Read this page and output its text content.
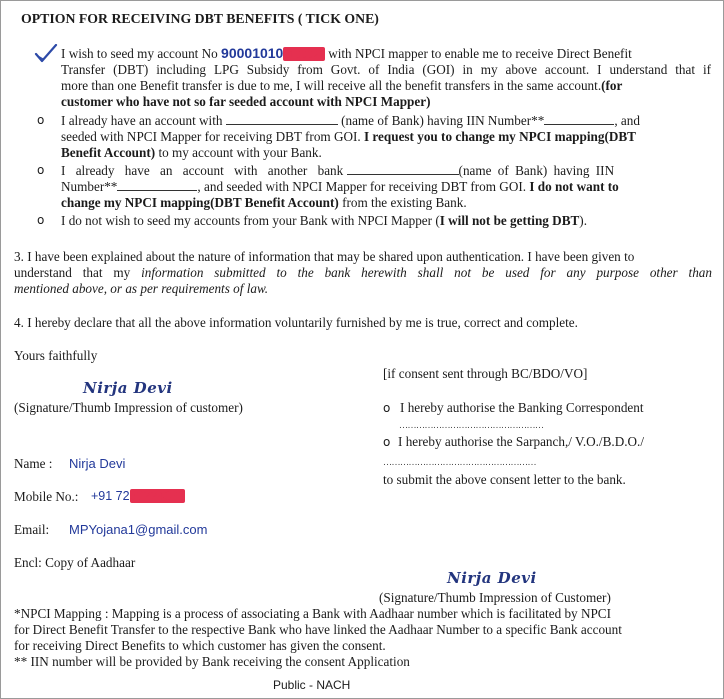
OPTION FOR RECEIVING DBT BENEFITS ( TICK ONE)
I wish to seed my account No 900010101100021 with NPCI mapper to enable me to receive Direct Benefit
Transfer (DBT) including LPG Subsidy from Govt. of India (GOI) in my above account. I understand that if
more than one Benefit transfer is due to me, I will receive all the benefit transfers in the same account.(for
customer who have not so far seeded account with NPCI Mapper)
o I already have an account with	(name of Bank) having IIN Number**	, and
seeded with NPCI Mapper for receiving DBT from GOI. I request you to change my NPCI mapping(DBT
Benefit Account) to my account with your Bank.
o I already have an account with another bank	(name of Bank) having IIN
Number**	, and seeded with NPCI Mapper for receiving DBT from GOI. I do not want to
change my NPCI mapping(DBT Benefit Account) from the existing Bank.
o I do not wish to seed my accounts from your Bank with NPCI Mapper (I will not be getting DBT).
3. I have been explained about the nature of information that may be shared upon authentication. I have been given to
understand that my information submitted to the bank herewith shall not be used for any purpose other than
mentioned above, or as per requirements of law.
4. I hereby declare that all the above information voluntarily furnished by me is true, correct and complete.
Yours faithfully
Nirja Devi
(Signature/Thumb Impression of customer)
Name : Nirja Devi
Mobile No.: +91 7250224070
Email: MPYojana1@gmail.com
Encl: Copy of Aadhaar
[if consent sent through BC/BDO/VO]
o I hereby authorise the Banking Correspondent
……………………………………………
o I hereby authorise the Sarpanch,/ V.O./B.D.O./
………………………………………………
to submit the above consent letter to the bank.
Nirja Devi
(Signature/Thumb Impression of Customer)
*NPCI Mapping : Mapping is a process of associating a Bank with Aadhaar number which is facilitated by NPCI
for Direct Benefit Transfer to the respective Bank who have linked the Aadhaar Number to a specific Bank account
for receiving Direct Benefits to which customer has given the consent.
** IIN number will be provided by Bank receiving the consent Application
Public - NACH
